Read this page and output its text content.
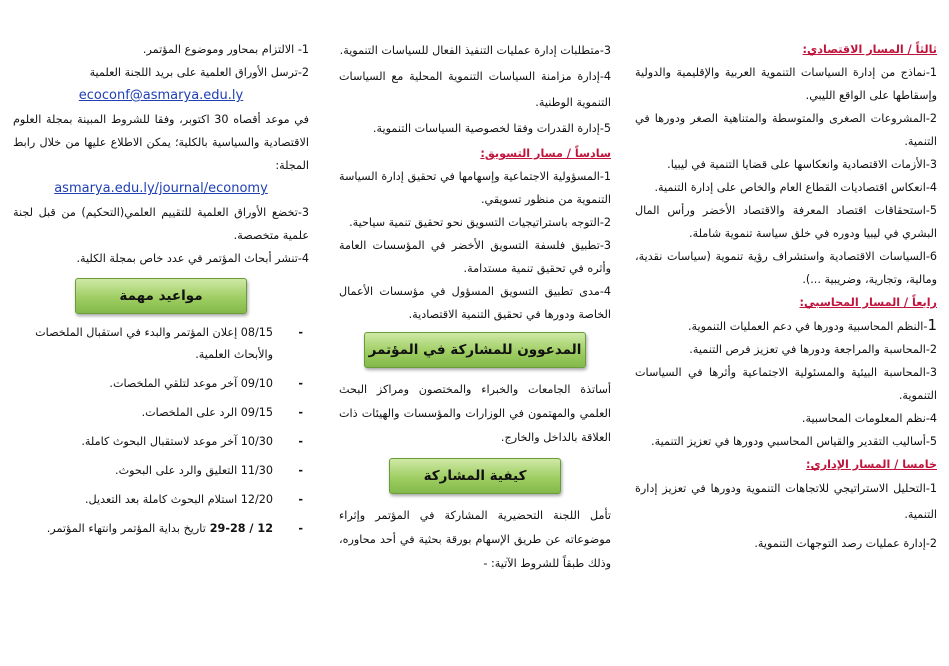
ثالثاً / المسار الاقتصادي:

1-نماذج من إدارة السياسات التنموية العربية والإقليمية والدولية وإسقاطها على الواقع الليبي.

2-المشروعات الصغرى والمتوسطة والمتناهية الصغر ودورها في التنمية.

3-الأزمات الاقتصادية وانعكاسها على قضايا التنمية في ليبيا.

4-انعكاس اقتصاديات القطاع العام والخاص على إدارة التنمية.

5-استحقاقات اقتصاد المعرفة والاقتصاد الأخضر ورأس المال البشري في ليبيا ودوره في خلق سياسة تنموية شاملة.

6-السياسات الاقتصادية واستشراف رؤية تنموية (سياسات نقدية، ومالية، وتجارية، وضريبية ...).

رابعاً / المسار المحاسبي:

1-النظم المحاسبية ودورها في دعم العمليات التنموية.

2-المحاسبة والمراجعة ودورها في تعزيز فرص التنمية.

3-المحاسبة البيئية والمسئولية الاجتماعية وأثرها في السياسات التنموية.

4-نظم المعلومات المحاسبية.

5-أساليب التقدير والقياس المحاسبي ودورها في تعزيز التنمية.

خامسا / المسار الإداري:

1-التحليل الاستراتيجي للاتجاهات التنموية ودورها في تعزيز إدارة التنمية.

2-إدارة عمليات رصد التوجهات التنموية.

3-متطلبات إدارة عمليات التنفيذ الفعال للسياسات التنموية.

4-إدارة مزامنة السياسات التنموية المحلية مع السياسات التنموية الوطنية.

5-إدارة القدرات وفقا لخصوصية السياسات التنموية.

سادساً / مسار التسويق:

1-المسؤولية الاجتماعية وإسهامها في تحقيق إدارة السياسة التنموية من منظور تسويقي.

2-التوجه باستراتيجيات التسويق نحو تحقيق تنمية سياحية.

3-تطبيق فلسفة التسويق الأخضر في المؤسسات العامة وأثره في تحقيق تنمية مستدامة.

4-مدى تطبيق التسويق المسؤول في مؤسسات الأعمال الخاصة ودورها في تحقيق التنمية الاقتصادية.

المدعوون للمشاركة في المؤتمر

أساتذة الجامعات والخبراء والمختصون ومراكز البحث العلمي والمهتمون في الوزارات والمؤسسات والهيئات ذات العلاقة بالداخل والخارج.

كيفية المشاركة

تأمل اللجنة التحضيرية المشاركة في المؤتمر وإثراء موضوعاته عن طريق الإسهام بورقة بحثية في أحد محاوره، وذلك طبقاً للشروط الآتية: -

1- الالتزام بمحاور وموضوع المؤتمر.

2-ترسل الأوراق العلمية على بريد اللجنة العلمية

ecoconf@asmarya.edu.ly

في موعد أقصاه 30 اكتوبر، وفقا للشروط المبينة بمجلة العلوم الاقتصادية والسياسية بالكلية؛ يمكن الاطلاع عليها من خلال رابط المجلة:

asmarya.edu.ly/journal/economy

3-تخضع الأوراق العلمية للتقييم العلمي(التحكيم) من قبل لجنة علمية متخصصة.

4-تنشر أبحاث المؤتمر في عدد خاص بمجلة الكلية.

مواعيد مهمة
- 08/15 إعلان المؤتمر والبدء في استقبال الملخصات والأبحاث العلمية.
- 09/10 آخر موعد لتلقي الملخصات.
- 09/15 الرد على الملخصات.
- 10/30 آخر موعد لاستقبال البحوث كاملة.
- 11/30 التعليق والرد على البحوث.
- 12/20 استلام البحوث كاملة بعد التعديل.
- 12 / 29-28 تاريخ بداية المؤتمر وانتهاء المؤتمر.
